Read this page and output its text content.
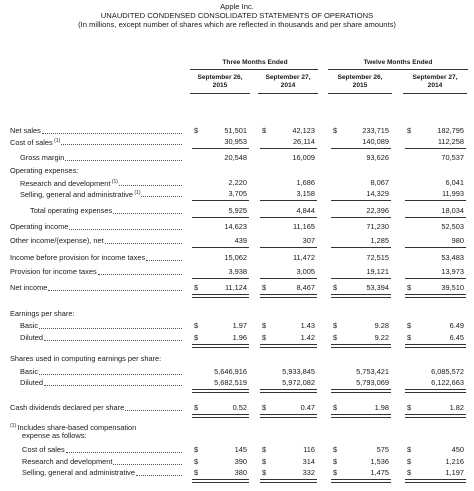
Apple Inc.
UNAUDITED CONDENSED CONSOLIDATED STATEMENTS OF OPERATIONS
(In millions, except number of shares which are reflected in thousands and per share amounts)
Three Months Ended	Twelve Months Ended
September 26,
2015
September 27,
2014
September 26,
2015
September 27,
2014
Net sales	$	51,501 $	42,123 $	233,715 $	182,795
Cost of sales $^{(1)}$	30,953	26,114	140,089	112,258
Gross margin	20,548	16,009	93,626	70,537
Operating expenses:
Research and development $^{(1)}$	2,220	1,686	8,067	6,041
Selling, general and administrative $^{(1)}$	3,705	3,158	14,329	11,993
Total operating expenses	5,925	4,844	22,396	18,034
Operating income	14,623	11,165	71,230	52,503
Other income/(expense), net	439	307	1,285	980
Income before provision for income taxes	15,062	11,472	72,515	53,483
Provision for income taxes	3,938	3,005	19,121	13,973
Net income	$	11,124 $	8,467 $	53,394 $	39,510
Earnings per share:
Basic	$	1.97 $	1.43 $	9.28 $	6.49
Diluted	$	1.96 $	1.42 $	9.22 $	6.45
Shares used in computing earnings per share:
Basic	5,646,916	5,933,845	5,753,421	6,085,572
Diluted	5,682,519	5,972,082	5,793,069	6,122,663
Cash dividends declared per share	$	0.52 $	0.47 $	1.98 $	1.82
$^{(1)}$ Includes share-based compensation
expense as follows:
Cost of sales	$	145 $	116 $	575 $	450
Research and development	$	390 $	314 $	1,536 $	1,216
Selling, general and administrative	$	380 $	332 $	1,475 $	1,197
